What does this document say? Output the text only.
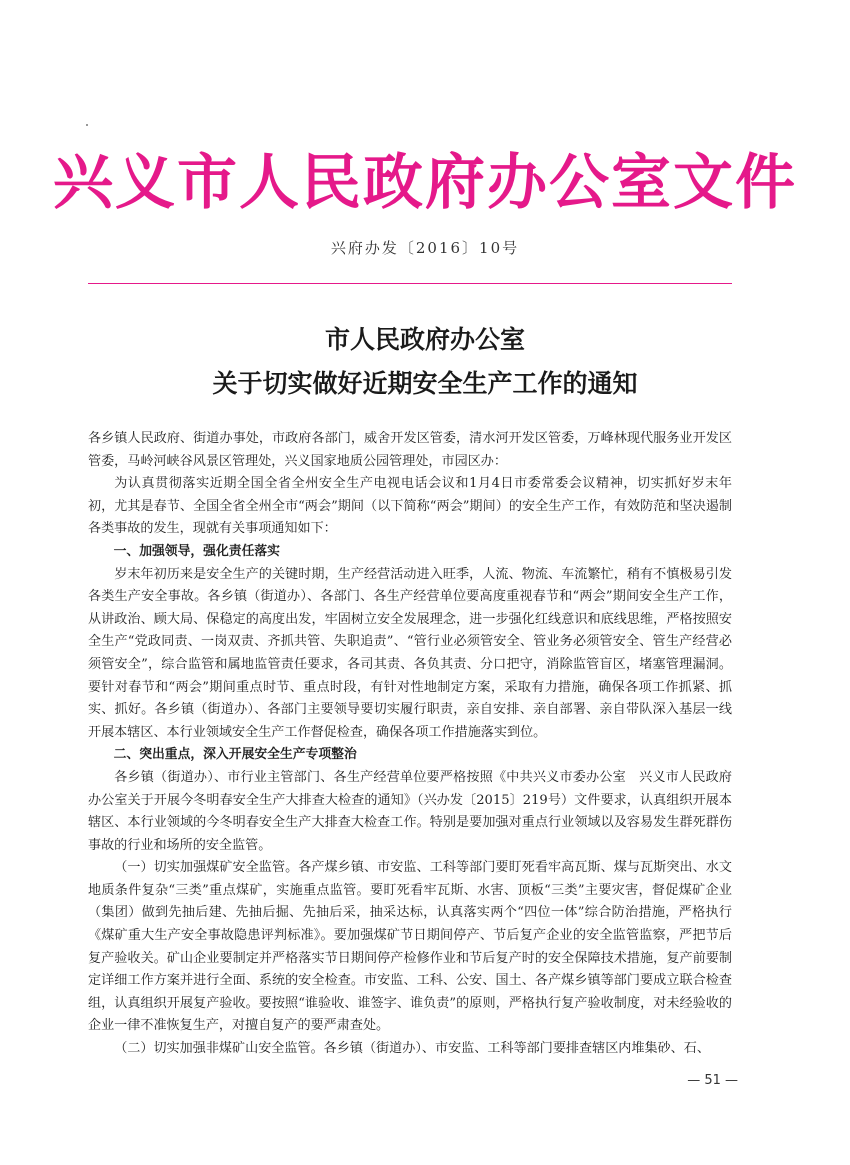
兴义市人民政府办公室文件
兴府办发〔2016〕10号
市人民政府办公室
关于切实做好近期安全生产工作的通知

各乡镇人民政府、街道办事处，市政府各部门，威舍开发区管委，清水河开发区管委，万峰林现代服务业开发区管委，马岭河峡谷风景区管理处，兴义国家地质公园管理处，市园区办：

为认真贯彻落实近期全国全省全州安全生产电视电话会议和1月4日市委常委会议精神，切实抓好岁末年初，尤其是春节、全国全省全州全市“两会”期间（以下简称“两会”期间）的安全生产工作，有效防范和坚决遏制各类事故的发生，现就有关事项通知如下：

一、加强领导，强化责任落实

岁末年初历来是安全生产的关键时期，生产经营活动进入旺季，人流、物流、车流繁忙，稍有不慎极易引发各类生产安全事故。各乡镇（街道办）、各部门、各生产经营单位要高度重视春节和“两会”期间安全生产工作，从讲政治、顾大局、保稳定的高度出发，牢固树立安全发展理念，进一步强化红线意识和底线思维，严格按照安全生产“党政同责、一岗双责、齐抓共管、失职追责”、“管行业必须管安全、管业务必须管安全、管生产经营必须管安全”，综合监管和属地监管责任要求，各司其责、各负其责、分口把守，消除监管盲区，堵塞管理漏洞。要针对春节和“两会”期间重点时节、重点时段，有针对性地制定方案，采取有力措施，确保各项工作抓紧、抓实、抓好。各乡镇（街道办）、各部门主要领导要切实履行职责，亲自安排、亲自部署、亲自带队深入基层一线开展本辖区、本行业领域安全生产工作督促检查，确保各项工作措施落实到位。

二、突出重点，深入开展安全生产专项整治

各乡镇（街道办）、市行业主管部门、各生产经营单位要严格按照《中共兴义市委办公室　兴义市人民政府办公室关于开展今冬明春安全生产大排查大检查的通知》（兴办发〔2015〕219号）文件要求，认真组织开展本辖区、本行业领域的今冬明春安全生产大排查大检查工作。特别是要加强对重点行业领域以及容易发生群死群伤事故的行业和场所的安全监管。

（一）切实加强煤矿安全监管。各产煤乡镇、市安监、工科等部门要盯死看牢高瓦斯、煤与瓦斯突出、水文地质条件复杂“三类”重点煤矿，实施重点监管。要盯死看牢瓦斯、水害、顶板“三类”主要灾害，督促煤矿企业（集团）做到先抽后建、先抽后掘、先抽后采，抽采达标，认真落实两个“四位一体”综合防治措施，严格执行《煤矿重大生产安全事故隐患评判标准》。要加强煤矿节日期间停产、节后复产企业的安全监管监察，严把节后复产验收关。矿山企业要制定并严格落实节日期间停产检修作业和节后复产时的安全保障技术措施，复产前要制定详细工作方案并进行全面、系统的安全检查。市安监、工科、公安、国土、各产煤乡镇等部门要成立联合检查组，认真组织开展复产验收。要按照“谁验收、谁签字、谁负责”的原则，严格执行复产验收制度，对未经验收的企业一律不准恢复生产，对擅自复产的要严肃查处。

（二）切实加强非煤矿山安全监管。各乡镇（街道办）、市安监、工科等部门要排查辖区内堆集砂、石、

— 51 —
